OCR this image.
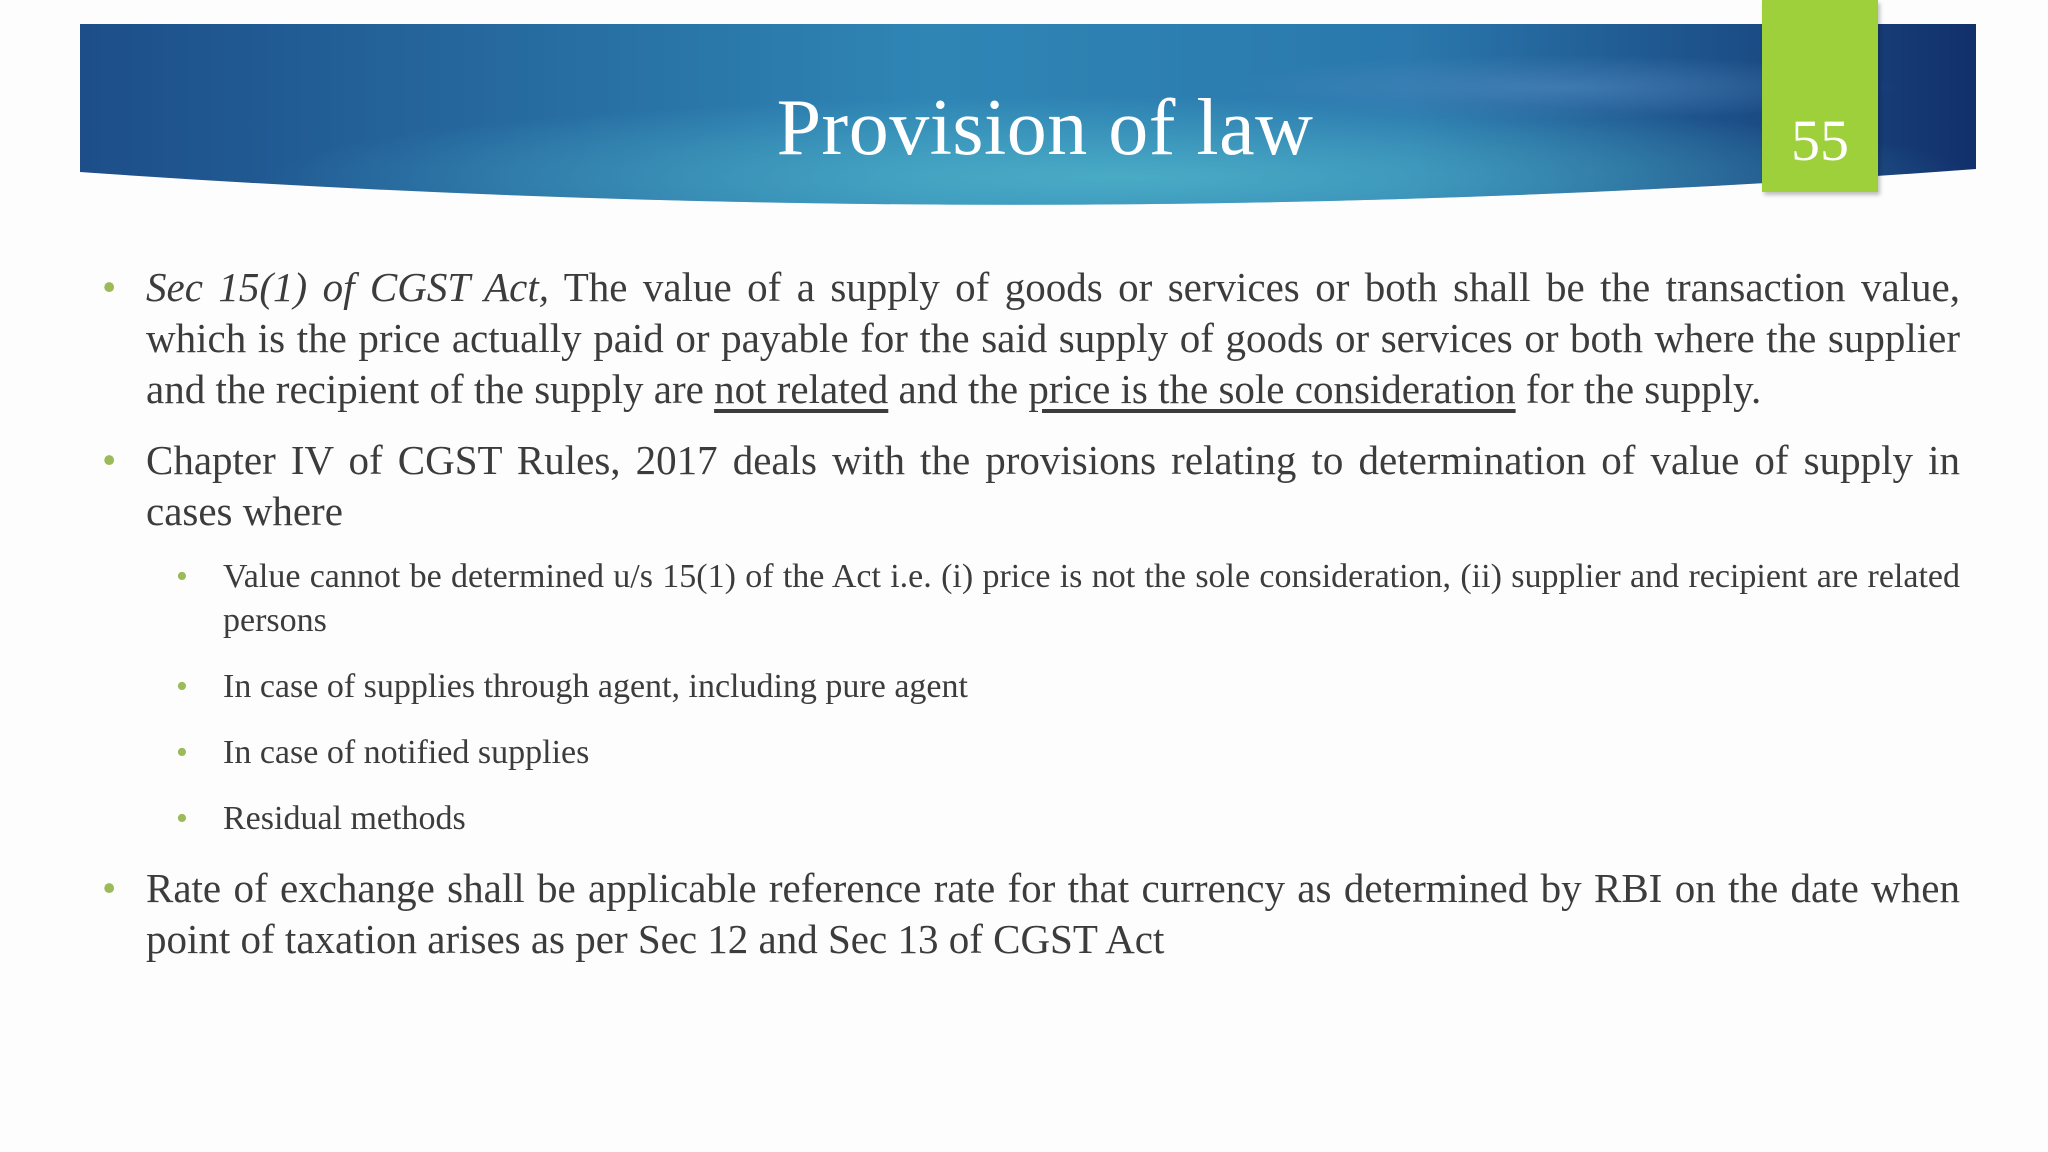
Provision of law	55
• Sec 15(1) of CGST Act, The value of a supply of goods or services or both shall be the transaction value, which is the price actually paid or payable for the said supply of goods or services or both where the supplier and the recipient of the supply are not related and the price is the sole consideration for the supply.
• Chapter IV of CGST Rules, 2017 deals with the provisions relating to determination of value of supply in cases where
• Value cannot be determined u/s 15(1) of the Act i.e. (i) price is not the sole consideration, (ii) supplier and recipient are related persons
• In case of supplies through agent, including pure agent
• In case of notified supplies
• Residual methods
• Rate of exchange shall be applicable reference rate for that currency as determined by RBI on the date when point of taxation arises as per Sec 12 and Sec 13 of CGST Act
